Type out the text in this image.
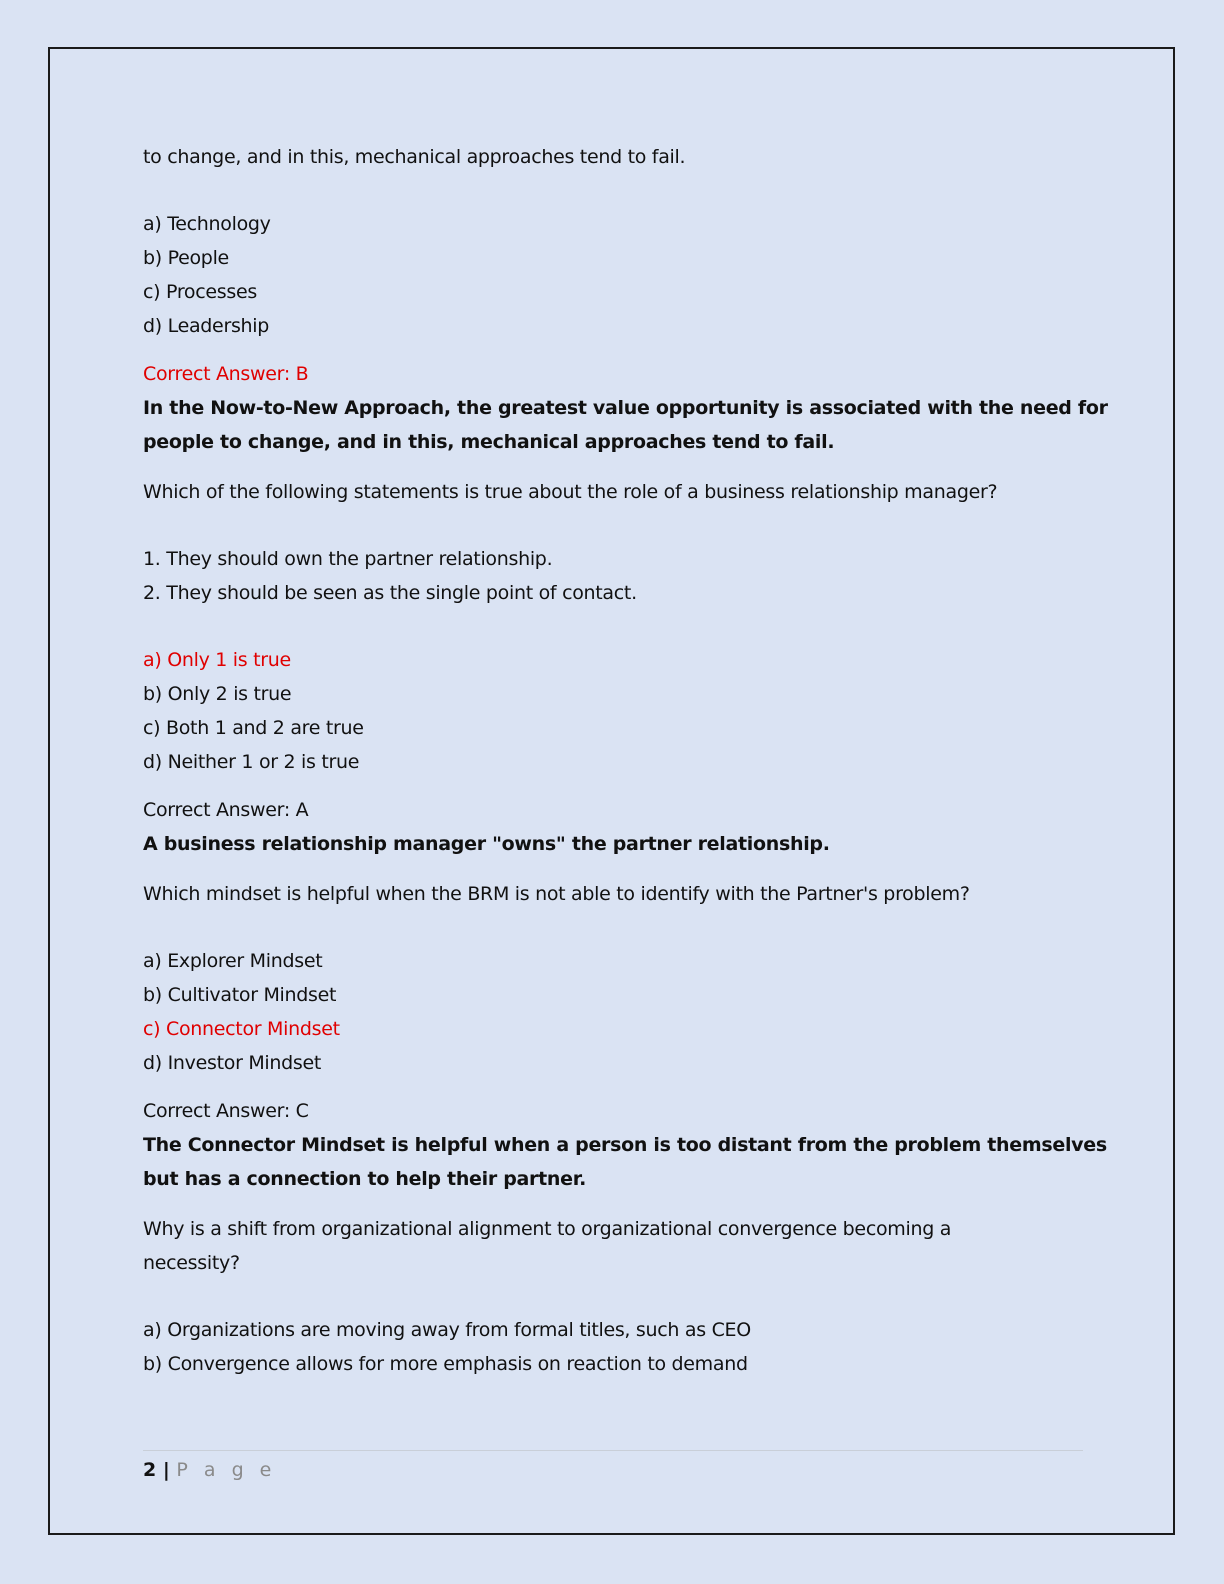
to change, and in this, mechanical approaches tend to fail.
a) Technology
b) People
c) Processes
d) Leadership
Correct Answer: B
In the Now-to-New Approach, the greatest value opportunity is associated with the need for
people to change, and in this, mechanical approaches tend to fail.
Which of the following statements is true about the role of a business relationship manager?
1. They should own the partner relationship.
2. They should be seen as the single point of contact.
a) Only 1 is true
b) Only 2 is true
c) Both 1 and 2 are true
d) Neither 1 or 2 is true
Correct Answer: A
A business relationship manager "owns" the partner relationship.
Which mindset is helpful when the BRM is not able to identify with the Partner's problem?
a) Explorer Mindset
b) Cultivator Mindset
c) Connector Mindset
d) Investor Mindset
Correct Answer: C
The Connector Mindset is helpful when a person is too distant from the problem themselves
but has a connection to help their partner.
Why is a shift from organizational alignment to organizational convergence becoming a
necessity?
a) Organizations are moving away from formal titles, such as CEO
b) Convergence allows for more emphasis on reaction to demand
2 | P a g e
